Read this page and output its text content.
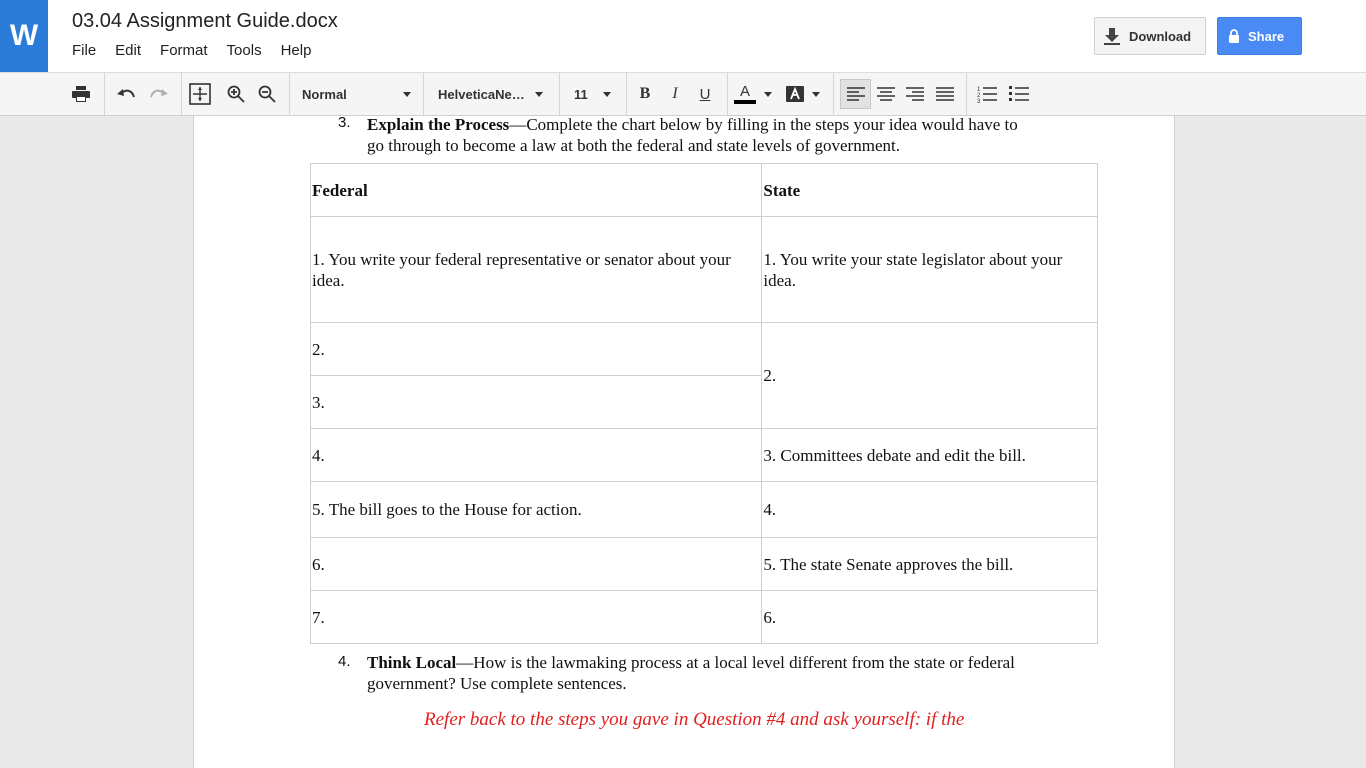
W	03.04 Assignment Guide.docx
File Edit Format Tools Help
Download	Share
Normal	HelveticaNe…	11	B	I	U	A	1
2
3
3. Explain the Process—Complete the chart below by filling in the steps your idea would have to
go through to become a law at both the federal and state levels of government.
Federal	State
1. You write your federal representative or senator about your idea.	1. You write your state legislator about your idea.
2.	2.
3.	
4.	3. Committees debate and edit the bill.
5. The bill goes to the House for action.	4.
6.	5. The state Senate approves the bill.
7.	6.
4. Think Local—How is the lawmaking process at a local level different from the state or federal
government? Use complete sentences.
Refer back to the steps you gave in Question #4 and ask yourself: if the
